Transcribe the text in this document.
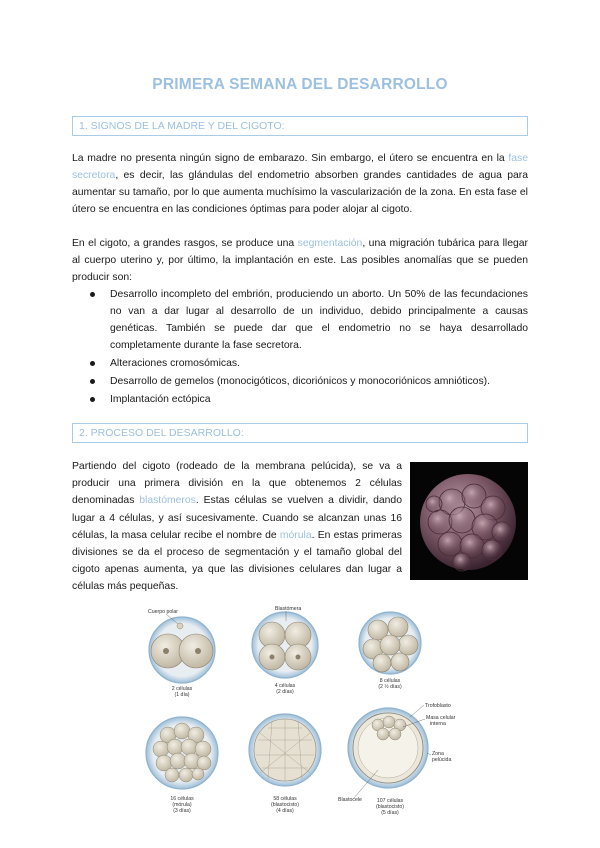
PRIMERA SEMANA DEL DESARROLLO
1. SIGNOS DE LA MADRE Y DEL CIGOTO:

La madre no presenta ningún signo de embarazo. Sin embargo, el útero se encuentra en la fase secretora, es decir, las glándulas del endometrio absorben grandes cantidades de agua para aumentar su tamaño, por lo que aumenta muchísimo la vascularización de la zona. En esta fase el útero se encuentra en las condiciones óptimas para poder alojar al cigoto.

En el cigoto, a grandes rasgos, se produce una segmentación, una migración tubárica para llegar al cuerpo uterino y, por último, la implantación en este. Las posibles anomalías que se pueden producir son:

Desarrollo incompleto del embrión, produciendo un aborto. Un 50% de las fecundaciones no van a dar lugar al desarrollo de un individuo, debido principalmente a causas genéticas. También se puede dar que el endometrio no se haya desarrollado completamente durante la fase secretora.
Alteraciones cromosómicas.
Desarrollo de gemelos (monocigóticos, dicoriónicos y monocoriónicos amnióticos).
Implantación ectópica
2. PROCESO DEL DESARROLLO:

Partiendo del cigoto (rodeado de la membrana pelúcida), se va a producir una primera división en la que obtenemos 2 células denominadas blastómeros. Estas células se vuelven a dividir, dando lugar a 4 células, y así sucesivamente. Cuando se alcanzan unas 16 células, la masa celular recibe el nombre de mórula. En estas primeras divisiones se da el proceso de segmentación y el tamaño global del cigoto apenas aumenta, ya que las divisiones celulares dan lugar a células más pequeñas.

Cuerpo polar	Blastómera
Trofoblasto
Masa celular
interna
Zona
pelúcida
Blastocele
2 células
(1 día)
4 células
(2 días)
8 células
(2 ½ días)
16 células
(mórula)
(3 días)
58 células
(blastocisto)
(4 días)
107 células
(blastocisto)
(5 días)
